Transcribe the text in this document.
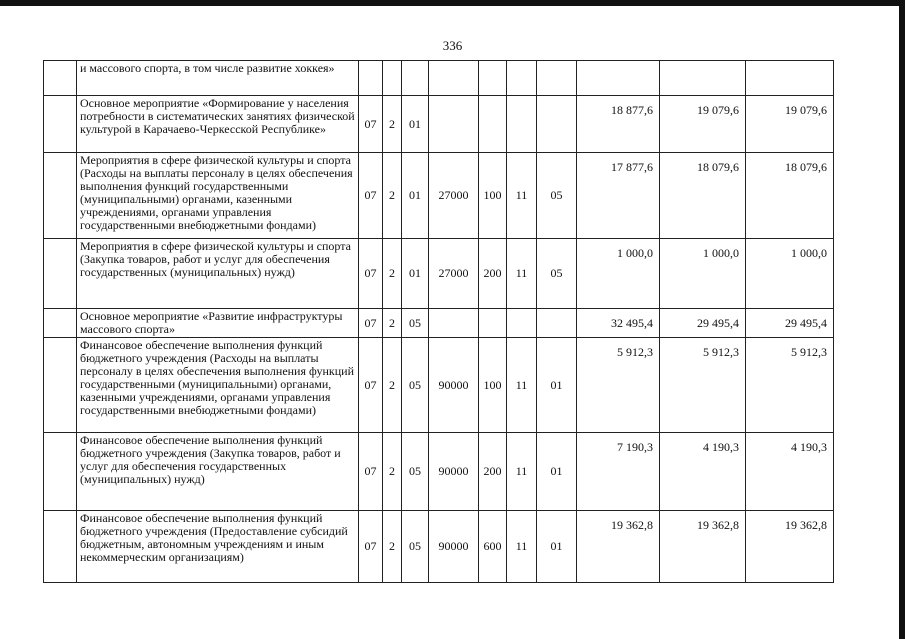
336
	и массового спорта, в том числе развитие хоккея»										
	Основное мероприятие «Формирование у населения потребности в систематических занятиях физической культурой в Карачаево-Черкесской Республике»	07	2	01					18 877,6	19 079,6	19 079,6
	Мероприятия в сфере физической культуры и спорта (Расходы на выплаты персоналу в целях обеспечения выполнения функций государственными (муниципальными) органами, казенными учреждениями, органами управления государственными внебюджетными фондами)	07	2	01	27000	100	11	05	17 877,6	18 079,6	18 079,6
	Мероприятия в сфере физической культуры и спорта (Закупка товаров, работ и услуг для обеспечения государственных (муниципальных) нужд)	07	2	01	27000	200	11	05	1 000,0	1 000,0	1 000,0
	Основное мероприятие «Развитие инфраструктуры массового спорта»	07	2	05					32 495,4	29 495,4	29 495,4
	Финансовое обеспечение выполнения функций бюджетного учреждения (Расходы на выплаты персоналу в целях обеспечения выполнения функций государственными (муниципальными) органами, казенными учреждениями, органами управления государственными внебюджетными фондами)	07	2	05	90000	100	11	01	5 912,3	5 912,3	5 912,3
	Финансовое обеспечение выполнения функций бюджетного учреждения (Закупка товаров, работ и услуг для обеспечения государственных (муниципальных) нужд)	07	2	05	90000	200	11	01	7 190,3	4 190,3	4 190,3
	Финансовое обеспечение выполнения функций бюджетного учреждения (Предоставление субсидий бюджетным, автономным учреждениям и иным некоммерческим организациям)	07	2	05	90000	600	11	01	19 362,8	19 362,8	19 362,8
